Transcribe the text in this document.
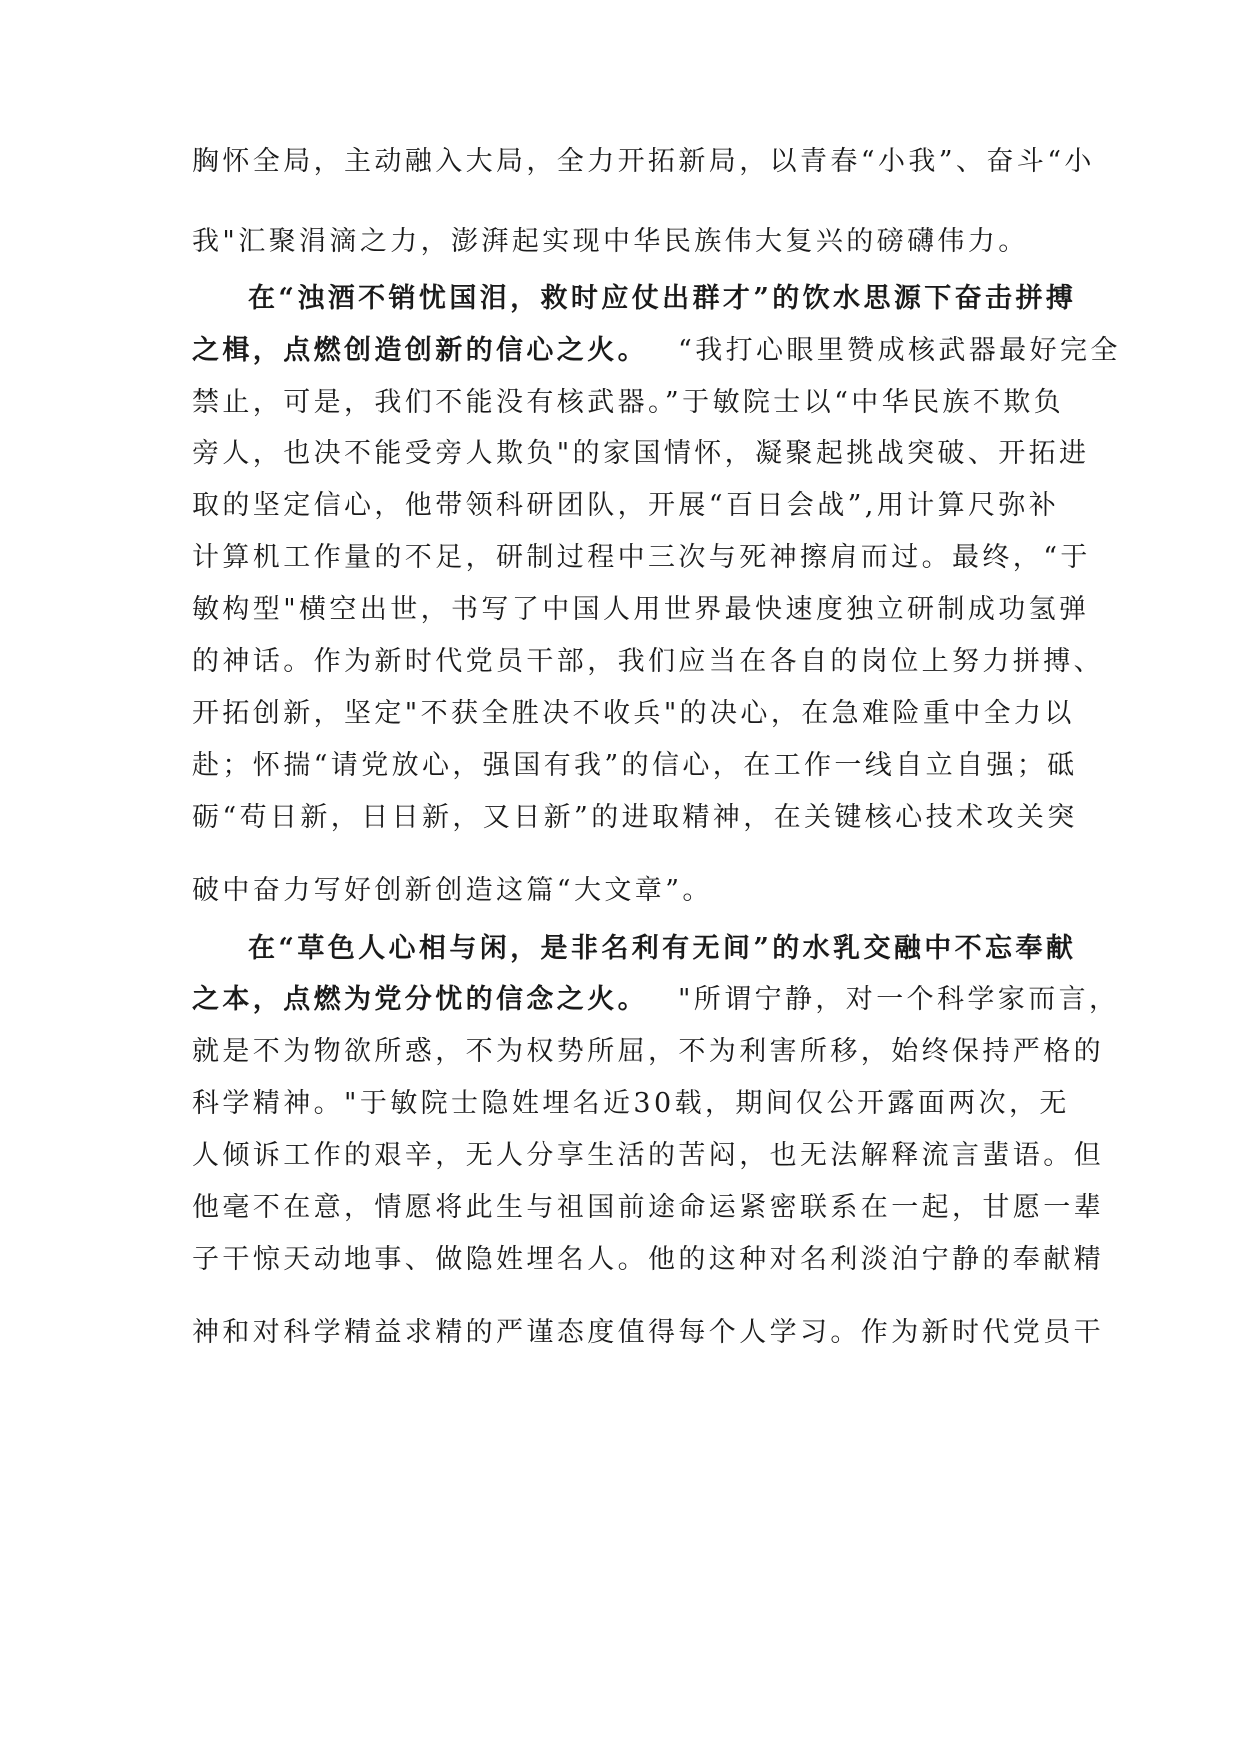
胸怀全局，主动融入大局，全力开拓新局，以青春“小我”、奋斗“小
我"汇聚涓滴之力，澎湃起实现中华民族伟大复兴的磅礴伟力。
在“浊酒不销忧国泪，救时应仗出群才”的饮水思源下奋击拼搏
之楫，点燃创造创新的信心之火。 “我打心眼里赞成核武器最好完全
禁止，可是，我们不能没有核武器。”于敏院士以“中华民族不欺负
旁人，也决不能受旁人欺负"的家国情怀，凝聚起挑战突破、开拓进
取的坚定信心，他带领科研团队，开展“百日会战”,用计算尺弥补
计算机工作量的不足，研制过程中三次与死神擦肩而过。最终，“于
敏构型"横空出世，书写了中国人用世界最快速度独立研制成功氢弹
的神话。作为新时代党员干部，我们应当在各自的岗位上努力拼搏、
开拓创新，坚定"不获全胜决不收兵"的决心，在急难险重中全力以
赴；怀揣“请党放心，强国有我”的信心，在工作一线自立自强；砥
砺“苟日新，日日新，又日新”的进取精神，在关键核心技术攻关突
破中奋力写好创新创造这篇“大文章”。
在“草色人心相与闲，是非名利有无间”的水乳交融中不忘奉献
之本，点燃为党分忧的信念之火。 "所谓宁静，对一个科学家而言，
就是不为物欲所惑，不为权势所屈，不为利害所移，始终保持严格的
科学精神。"于敏院士隐姓埋名近30载，期间仅公开露面两次，无
人倾诉工作的艰辛，无人分享生活的苦闷，也无法解释流言蜚语。但
他毫不在意，情愿将此生与祖国前途命运紧密联系在一起，甘愿一辈
子干惊天动地事、做隐姓埋名人。他的这种对名利淡泊宁静的奉献精
神和对科学精益求精的严谨态度值得每个人学习。作为新时代党员干
